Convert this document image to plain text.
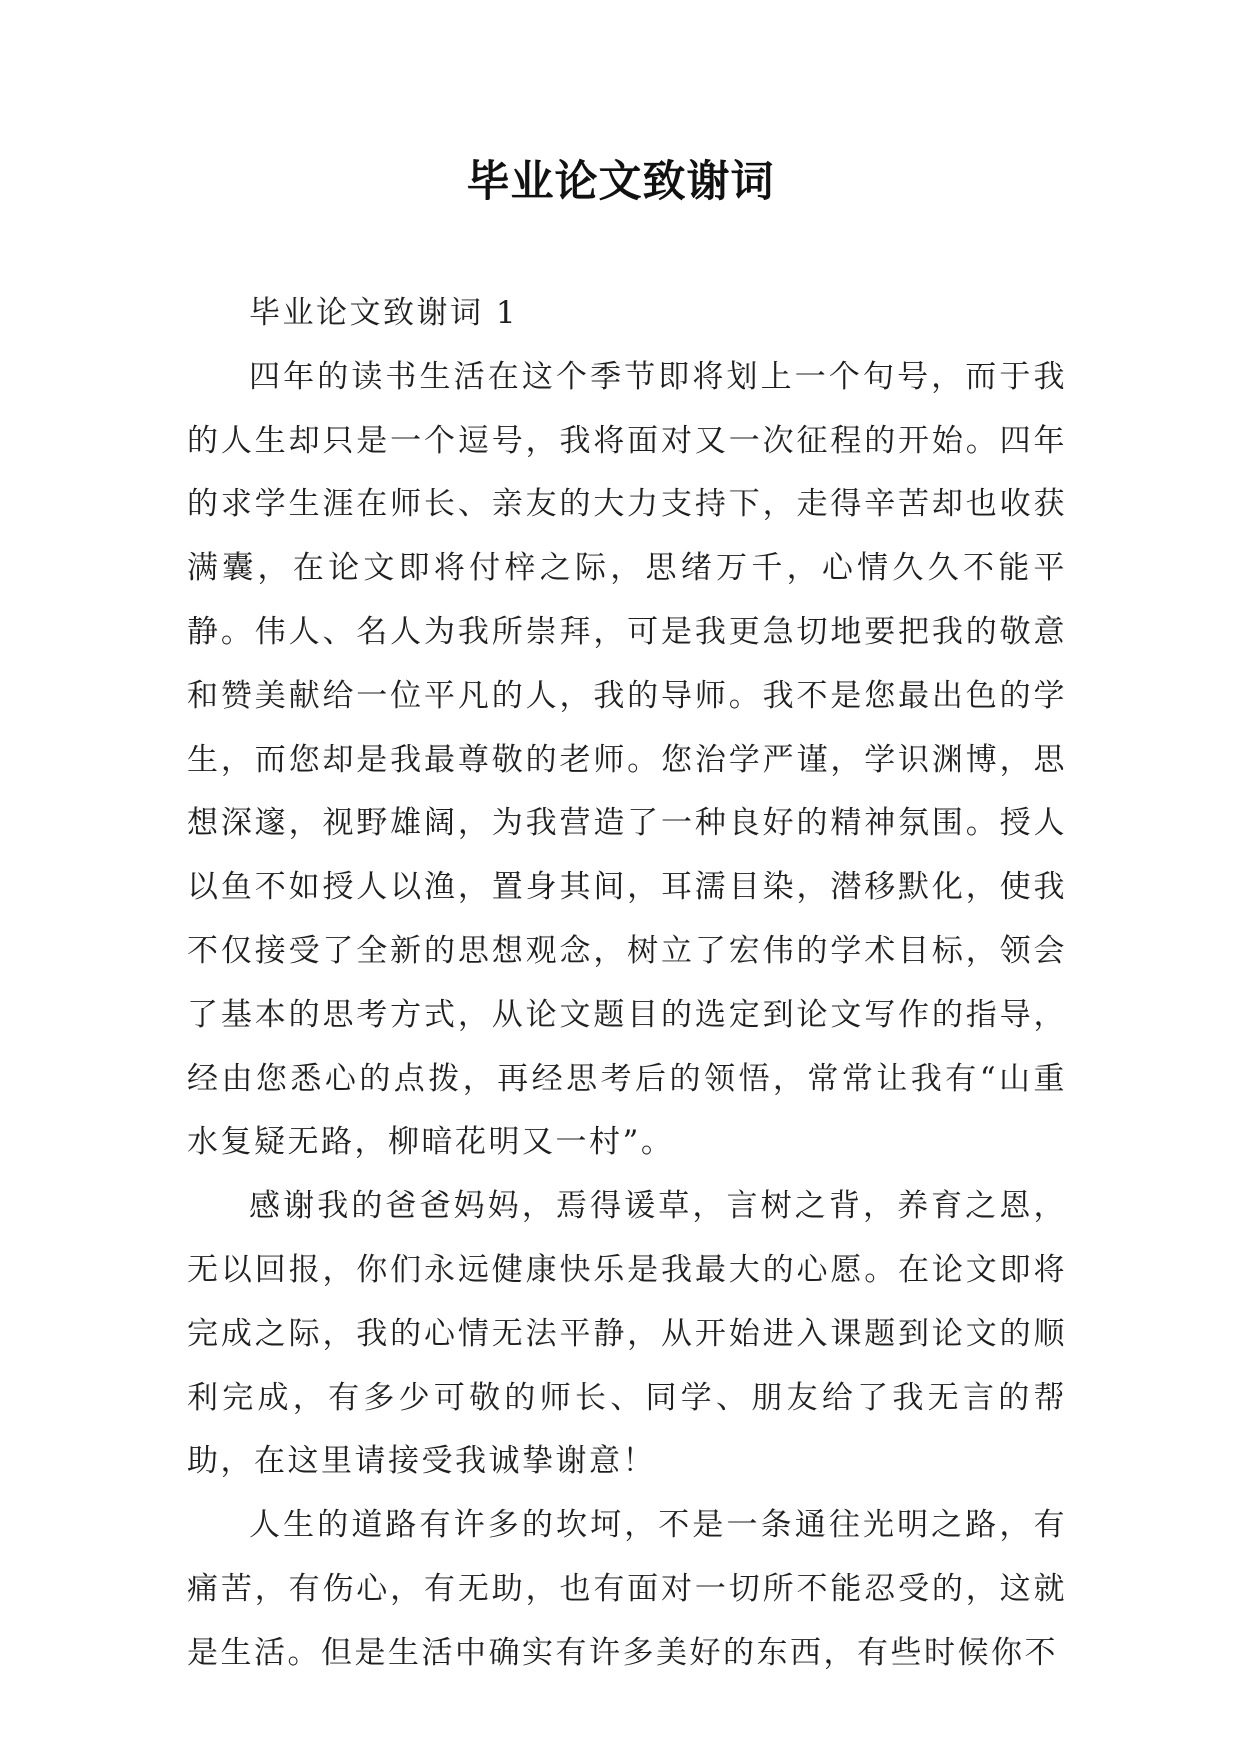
毕业论文致谢词

毕业论文致谢词 1

四年的读书生活在这个季节即将划上一个句号，而于我的人生却只是一个逗号，我将面对又一次征程的开始。四年的求学生涯在师长、亲友的大力支持下，走得辛苦却也收获满囊，在论文即将付梓之际，思绪万千，心情久久不能平静。伟人、名人为我所崇拜，可是我更急切地要把我的敬意和赞美献给一位平凡的人，我的导师。我不是您最出色的学生，而您却是我最尊敬的老师。您治学严谨，学识渊博，思想深邃，视野雄阔，为我营造了一种良好的精神氛围。授人以鱼不如授人以渔，置身其间，耳濡目染，潜移默化，使我不仅接受了全新的思想观念，树立了宏伟的学术目标，领会了基本的思考方式，从论文题目的选定到论文写作的指导，经由您悉心的点拨，再经思考后的领悟，常常让我有“山重水复疑无路，柳暗花明又一村”。

感谢我的爸爸妈妈，焉得谖草，言树之背，养育之恩，无以回报，你们永远健康快乐是我最大的心愿。在论文即将完成之际，我的心情无法平静，从开始进入课题到论文的顺利完成，有多少可敬的师长、同学、朋友给了我无言的帮助，在这里请接受我诚挚谢意！

人生的道路有许多的坎坷，不是一条通往光明之路，有痛苦，有伤心，有无助，也有面对一切所不能忍受的，这就是生活。但是生活中确实有许多美好的东西，有些时候你不
